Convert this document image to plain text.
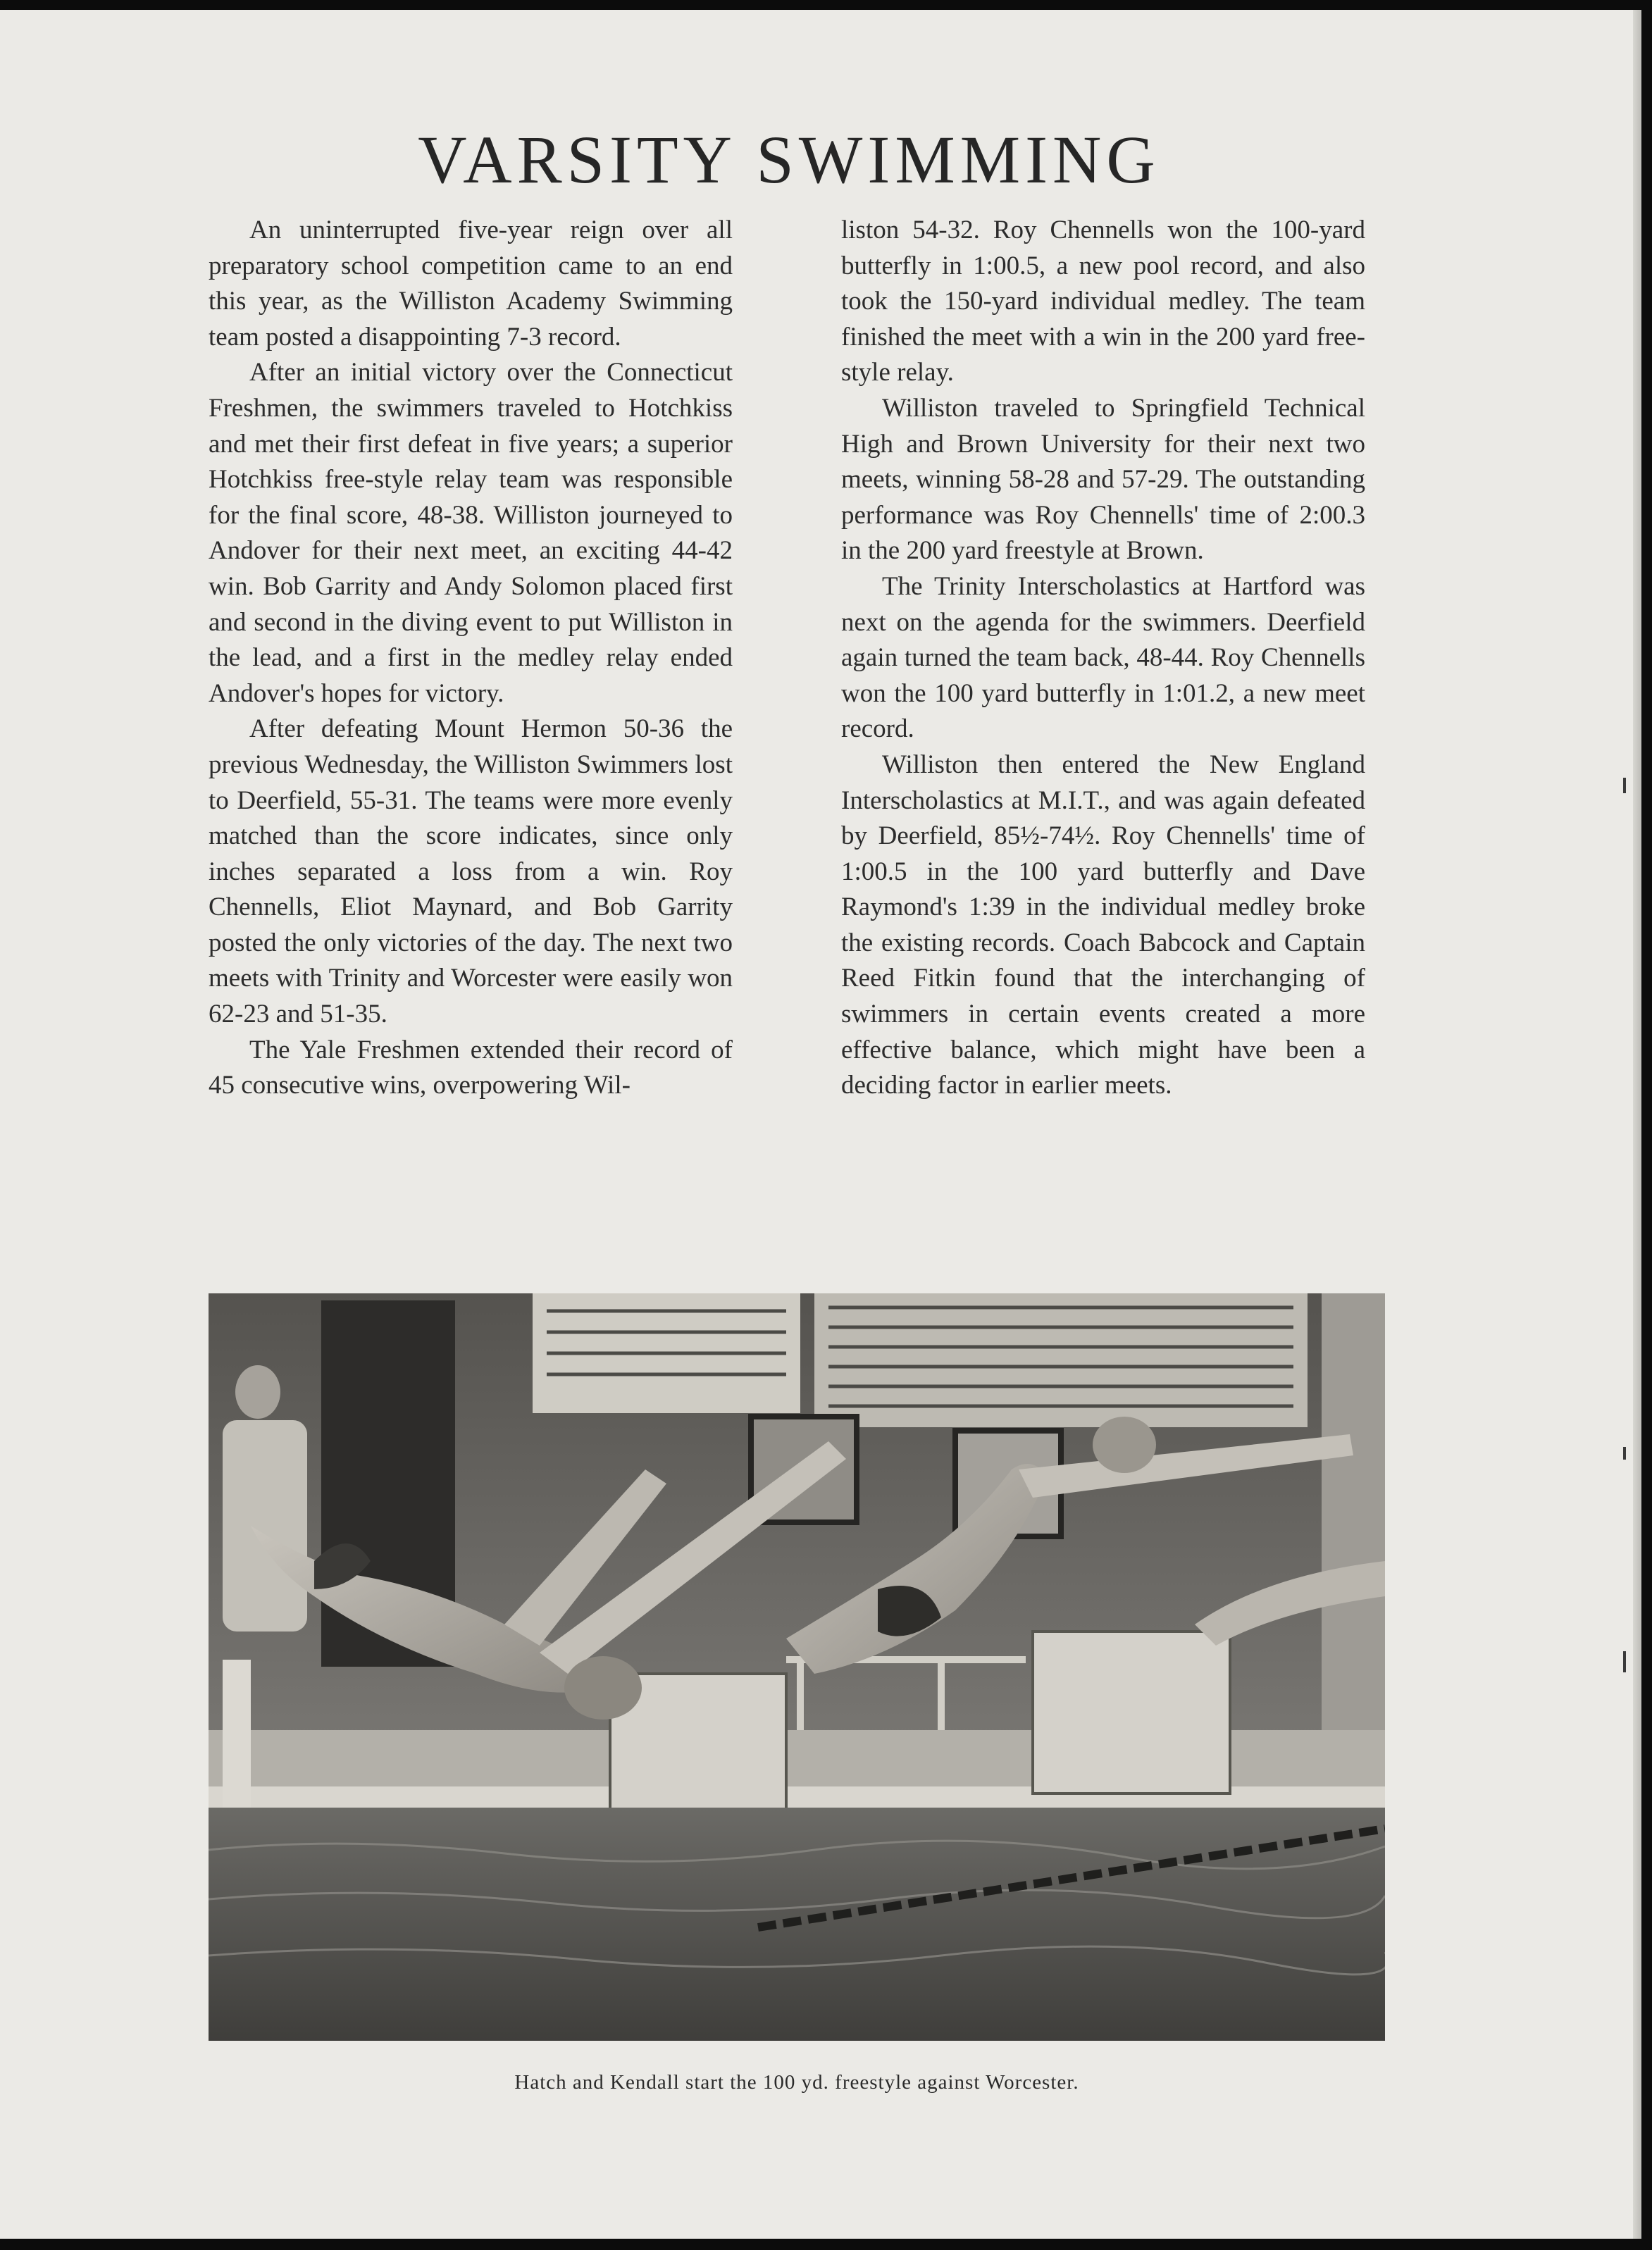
VARSITY SWIMMING

An uninterrupted five-year reign over all preparatory school competition came to an end this year, as the Williston Academy Swimming team posted a disappointing 7-3 record.

After an initial victory over the Connecticut Freshmen, the swimmers traveled to Hotchkiss and met their first defeat in five years; a superior Hotchkiss free-style relay team was responsible for the final score, 48-38. Williston journeyed to Andover for their next meet, an exciting 44-42 win. Bob Garrity and Andy Solomon placed first and second in the diving event to put Williston in the lead, and a first in the medley relay ended Andover's hopes for victory.

After defeating Mount Hermon 50-36 the previous Wednesday, the Williston Swimmers lost to Deerfield, 55-31. The teams were more evenly matched than the score indicates, since only inches separated a loss from a win. Roy Chennells, Eliot Maynard, and Bob Garrity posted the only victories of the day. The next two meets with Trinity and Worcester were easily won 62-23 and 51-35.

The Yale Freshmen extended their record of 45 consecutive wins, overpowering Wil-

liston 54-32. Roy Chennells won the 100-yard butterfly in 1:00.5, a new pool record, and also took the 150-yard individual medley. The team finished the meet with a win in the 200 yard free-style relay.

Williston traveled to Springfield Technical High and Brown University for their next two meets, winning 58-28 and 57-29. The outstanding performance was Roy Chennells' time of 2:00.3 in the 200 yard freestyle at Brown.

The Trinity Interscholastics at Hartford was next on the agenda for the swimmers. Deerfield again turned the team back, 48-44. Roy Chennells won the 100 yard butterfly in 1:01.2, a new meet record.

Williston then entered the New England Interscholastics at M.I.T., and was again defeated by Deerfield, 85½-74½. Roy Chennells' time of 1:00.5 in the 100 yard butterfly and Dave Raymond's 1:39 in the individual medley broke the existing records. Coach Babcock and Captain Reed Fitkin found that the interchanging of swimmers in certain events created a more effective balance, which might have been a deciding factor in earlier meets.

Hatch and Kendall start the 100 yd. freestyle against Worcester.
